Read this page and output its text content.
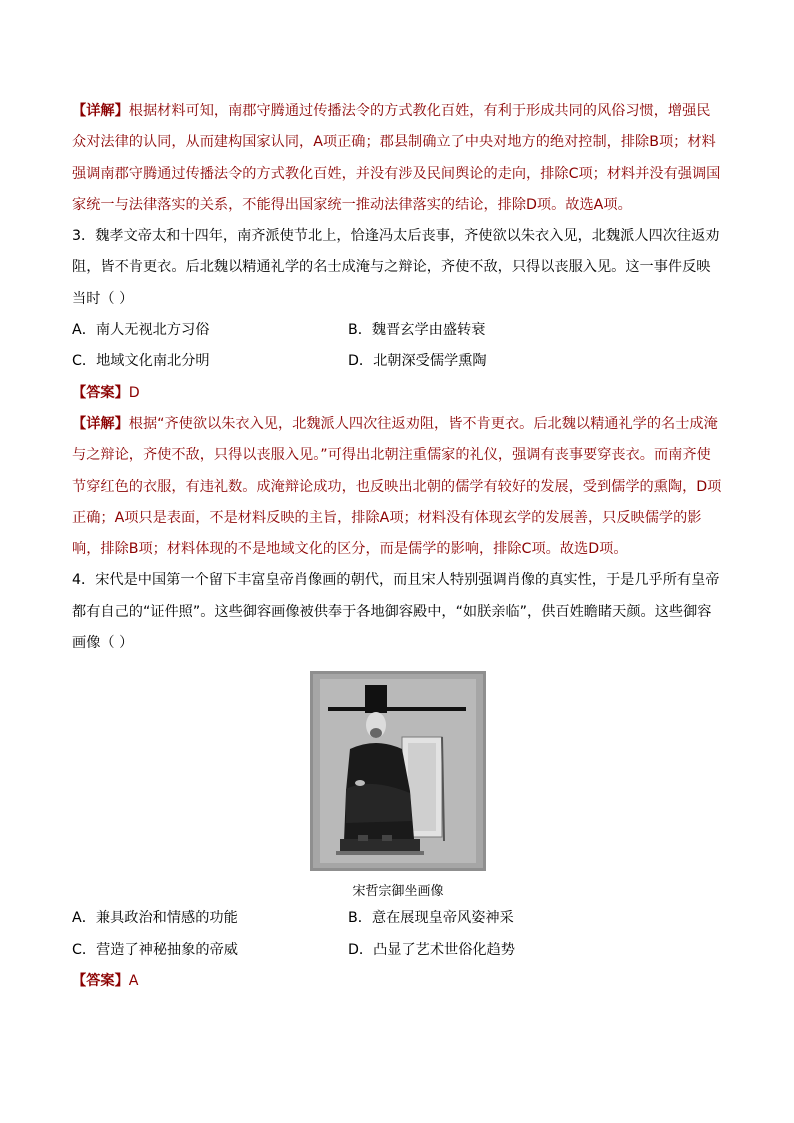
【详解】根据材料可知，南郡守腾通过传播法令的方式教化百姓，有利于形成共同的风俗习惯，增强民众对法律的认同，从而建构国家认同，A项正确；郡县制确立了中央对地方的绝对控制，排除B项；材料强调南郡守腾通过传播法令的方式教化百姓，并没有涉及民间舆论的走向，排除C项；材料并没有强调国家统一与法律落实的关系，不能得出国家统一推动法律落实的结论，排除D项。故选A项。

3．魏孝文帝太和十四年，南齐派使节北上，恰逢冯太后丧事，齐使欲以朱衣入见，北魏派人四次往返劝阻，皆不肯更衣。后北魏以精通礼学的名士成淹与之辩论，齐使不敌，只得以丧服入见。这一事件反映当时（ ）

A．南人无视北方习俗	B．魏晋玄学由盛转衰
C．地域文化南北分明	D．北朝深受儒学熏陶

【答案】D

【详解】根据“齐使欲以朱衣入见，北魏派人四次往返劝阻，皆不肯更衣。后北魏以精通礼学的名士成淹与之辩论，齐使不敌，只得以丧服入见。”可得出北朝注重儒家的礼仪，强调有丧事要穿丧衣。而南齐使节穿红色的衣服，有违礼数。成淹辩论成功，也反映出北朝的儒学有较好的发展，受到儒学的熏陶，D项正确；A项只是表面，不是材料反映的主旨，排除A项；材料没有体现玄学的发展善，只反映儒学的影响，排除B项；材料体现的不是地域文化的区分，而是儒学的影响，排除C项。故选D项。

4．宋代是中国第一个留下丰富皇帝肖像画的朝代，而且宋人特别强调肖像的真实性，于是几乎所有皇帝都有自己的“证件照”。这些御容画像被供奉于各地御容殿中，“如朕亲临”，供百姓瞻睹天颜。这些御容画像（ ）

宋哲宗御坐画像
A．兼具政治和情感的功能	B．意在展现皇帝风姿神采
C．营造了神秘抽象的帝威	D．凸显了艺术世俗化趋势

【答案】A
